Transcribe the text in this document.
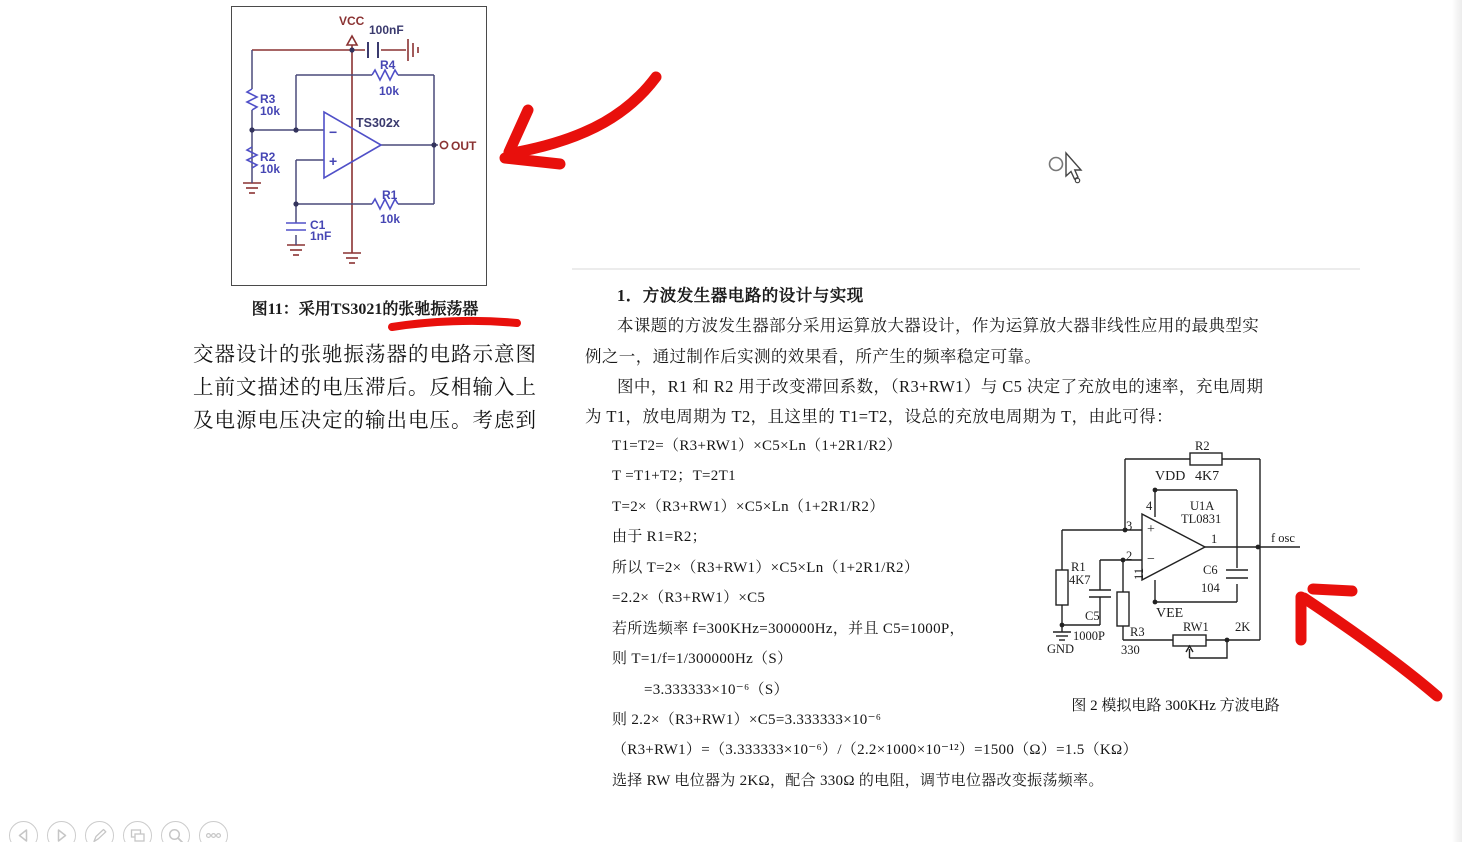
VCC
100nF
R4
10k
R3
10k
R2
10k
TS302x
−
+
OUT
R1
10k
C1
1nF
图11：采用TS3021的张驰振荡器
交器设计的张驰振荡器的电路示意图
上前文描述的电压滞后。反相输入上
及电源电压决定的输出电压。考虑到
1．方波发生器电路的设计与实现
本课题的方波发生器部分采用运算放大器设计，作为运算放大器非线性应用的最典型实
例之一，通过制作后实测的效果看，所产生的频率稳定可靠。
图中，R1 和 R2 用于改变滞回系数，（R3+RW1）与 C5 决定了充放电的速率，充电周期
为 T1，放电周期为 T2，且这里的 T1=T2，设总的充放电周期为 T，由此可得：
T1=T2=（R3+RW1）×C5×Ln（1+2R1/R2）
T =T1+T2；T=2T1
T=2×（R3+RW1）×C5×Ln（1+2R1/R2）
由于 R1=R2；
所以 T=2×（R3+RW1）×C5×Ln（1+2R1/R2）
=2.2×（R3+RW1）×C5
若所选频率 f=300KHz=300000Hz，并且 C5=1000P，
则 T=1/f=1/300000Hz（S）
=3.333333×10⁻⁶（S）
则 2.2×（R3+RW1）×C5=3.333333×10⁻⁶
（R3+RW1）=（3.333333×10⁻⁶）/（2.2×1000×10⁻¹²）=1500（Ω）=1.5（KΩ）
选择 RW 电位器为 2KΩ，配合 330Ω 的电阻，调节电位器改变振荡频率。
R2
VDD 4K7
4	U1A
TL0831
3
2
+
−
1
11
f osc
C6
104
VEE
RW1 2K
R1
4K7
C5
1000P R3
330
GND
图 2 模拟电路 300KHz 方波电路
